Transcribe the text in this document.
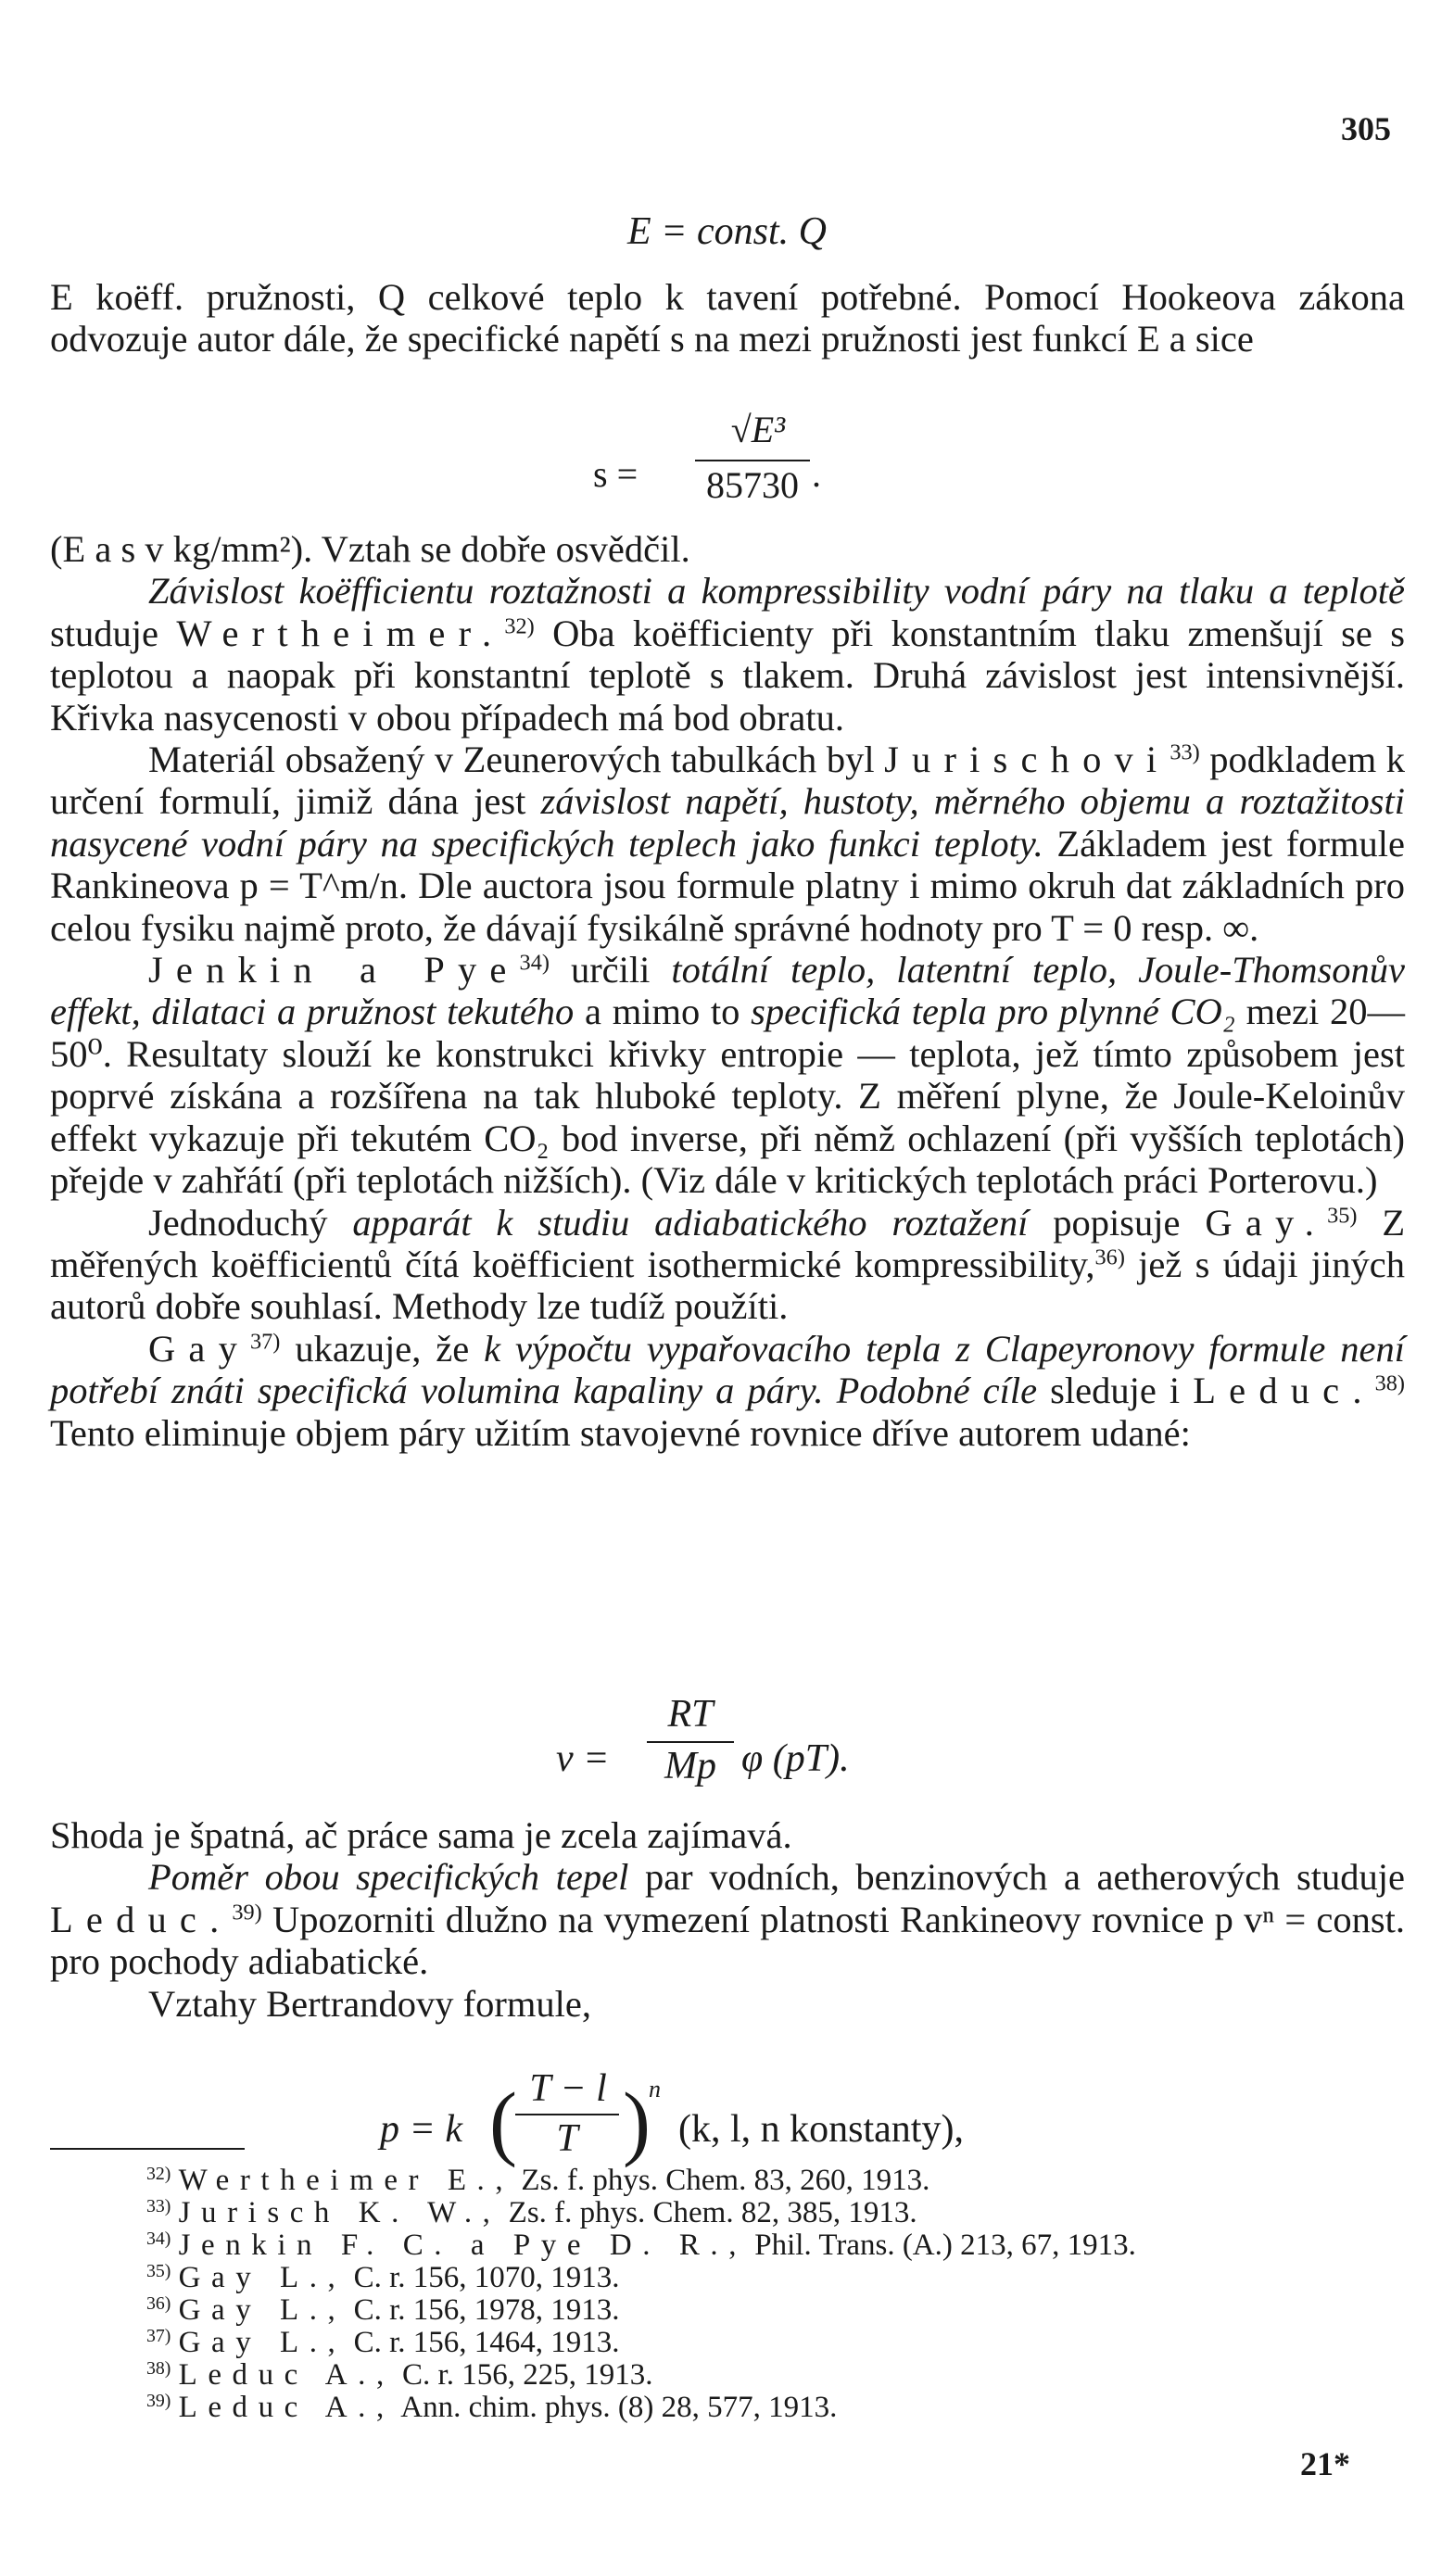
305
E = const. Q

E koëff. pružnosti, Q celkové teplo k tavení potřebné. Pomocí Hookeova zákona odvozuje autor dále, že specifické napětí s na mezi pružnosti jest funkcí E a sice

s =
√E³
85730 .

(E a s v kg/mm²). Vztah se dobře osvědčil.

Závislost koëfficientu roztažnosti a kompressibility vodní páry na tlaku a teplotě studuje Wertheimer.$^{32)}$ Oba koëfficienty při konstantním tlaku zmenšují se s teplotou a naopak při konstantní teplotě s tlakem. Druhá závislost jest intensivnější. Křivka nasycenosti v obou případech má bod obratu.

Materiál obsažený v Zeunerových tabulkách byl Jurischovi$^{33)}$ podkladem k určení formulí, jimiž dána jest závislost napětí, hustoty, měrného objemu a roztažitosti nasycené vodní páry na specifických teplech jako funkci teploty. Základem jest formule Rankineova p = T^m/n. Dle auctora jsou formule platny i mimo okruh dat základních pro celou fysiku najmě proto, že dávají fysikálně správné hodnoty pro T = 0 resp. ∞.

Jenkin a Pye$^{34)}$ určili totální teplo, latentní teplo, Joule-Thomsonův effekt, dilataci a pružnost tekutého a mimo to specifická tepla pro plynné CO₂ mezi 20—50⁰. Resultaty slouží ke konstrukci křivky entropie — teplota, jež tímto způsobem jest poprvé získána a rozšířena na tak hluboké teploty. Z měření plyne, že Joule-Keloinův effekt vykazuje při tekutém CO₂ bod inverse, při němž ochlazení (při vyšších teplotách) přejde v zahřátí (při teplotách nižších). (Viz dále v kritických teplotách práci Porterovu.)

Jednoduchý apparát k studiu adiabatického roztažení popisuje Gay.$^{35)}$ Z měřených koëfficientů čítá koëfficient isothermické kompressibility,$^{36)}$ jež s údaji jiných autorů dobře souhlasí. Methody lze tudíž použíti.

Gay$^{37)}$ ukazuje, že k výpočtu vypařovacího tepla z Clapeyronovy formule není potřebí znáti specifická volumina kapaliny a páry. Podobné cíle sleduje i Leduc.$^{38)}$ Tento eliminuje objem páry užitím stavojevné rovnice dříve autorem udané:

v =
RT
Mp φ (pT).

Shoda je špatná, ač práce sama je zcela zajímavá.

Poměr obou specifických tepel par vodních, benzinových a aetherových studuje Leduc.$^{39)}$ Upozorniti dlužno na vymezení platnosti Rankineovy rovnice p vⁿ = const. pro pochody adiabatické.

Vztahy Bertrandovy formule,

p = k ( T − l
T )
n
(k, l, n konstanty),
$^{32)}$ Wertheimer E., Zs. f. phys. Chem. 83, 260, 1913.
$^{33)}$ Jurisch K. W., Zs. f. phys. Chem. 82, 385, 1913.
$^{34)}$ Jenkin F. C. a Pye D. R., Phil. Trans. (A.) 213, 67, 1913.
$^{35)}$ Gay L., C. r. 156, 1070, 1913.
$^{36)}$ Gay L., C. r. 156, 1978, 1913.
$^{37)}$ Gay L., C. r. 156, 1464, 1913.
$^{38)}$ Leduc A., C. r. 156, 225, 1913.
$^{39)}$ Leduc A., Ann. chim. phys. (8) 28, 577, 1913.
21*
